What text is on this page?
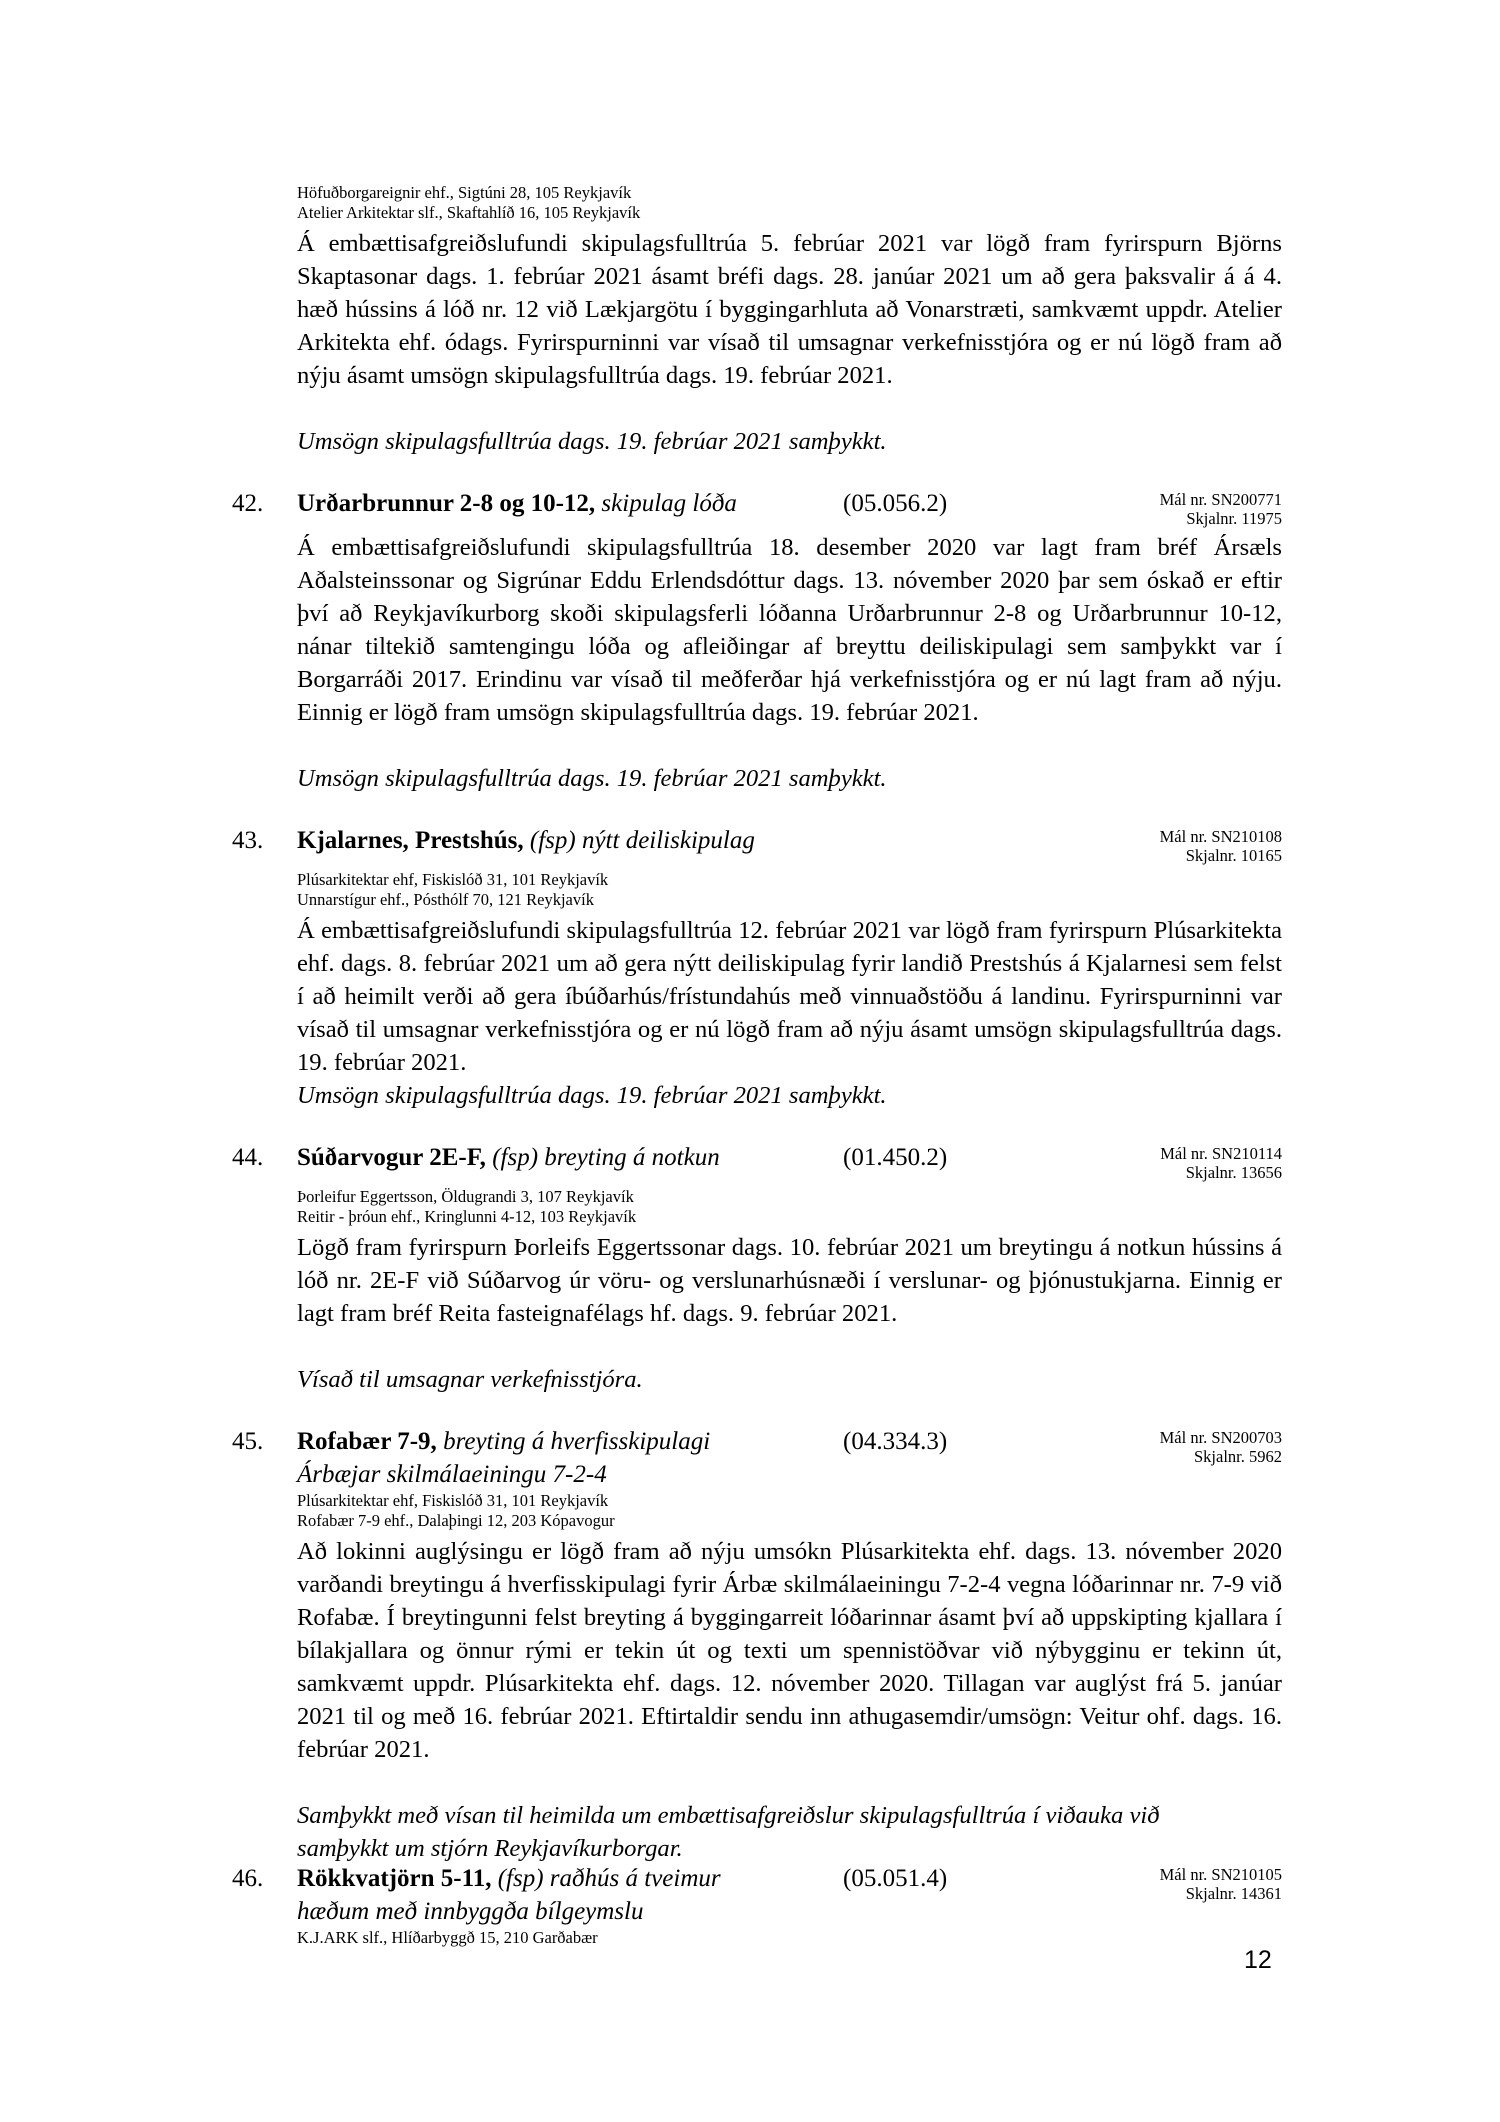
Höfuðborgareignir ehf., Sigtúni 28, 105 Reykjavík
Atelier Arkitektar slf., Skaftahlíð 16, 105 Reykjavík
Á embættisafgreiðslufundi skipulagsfulltrúa 5. febrúar 2021 var lögð fram fyrirspurn Björns Skaptasonar dags. 1. febrúar 2021 ásamt bréfi dags. 28. janúar 2021 um að gera þaksvalir á á 4. hæð hússins á lóð nr. 12 við Lækjargötu í byggingarhluta að Vonarstræti, samkvæmt uppdr. Atelier Arkitekta ehf. ódags. Fyrirspurninni var vísað til umsagnar verkefnisstjóra og er nú lögð fram að nýju ásamt umsögn skipulagsfulltrúa dags. 19. febrúar 2021.
Umsögn skipulagsfulltrúa dags. 19. febrúar 2021 samþykkt.
42. Urðarbrunnur 2-8 og 10-12, skipulag lóða	(05.056.2)	Mál nr. SN200771
Skjalnr. 11975
Á embættisafgreiðslufundi skipulagsfulltrúa 18. desember 2020 var lagt fram bréf Ársæls Aðalsteinssonar og Sigrúnar Eddu Erlendsdóttur dags. 13. nóvember 2020 þar sem óskað er eftir því að Reykjavíkurborg skoði skipulagsferli lóðanna Urðarbrunnur 2-8 og Urðarbrunnur 10-12, nánar tiltekið samtengingu lóða og afleiðingar af breyttu deiliskipulagi sem samþykkt var í Borgarráði 2017. Erindinu var vísað til meðferðar hjá verkefnisstjóra og er nú lagt fram að nýju. Einnig er lögð fram umsögn skipulagsfulltrúa dags. 19. febrúar 2021.
Umsögn skipulagsfulltrúa dags. 19. febrúar 2021 samþykkt.
43. Kjalarnes, Prestshús, (fsp) nýtt deiliskipulag	Mál nr. SN210108
Skjalnr. 10165
Plúsarkitektar ehf, Fiskislóð 31, 101 Reykjavík
Unnarstígur ehf., Pósthólf 70, 121 Reykjavík
Á embættisafgreiðslufundi skipulagsfulltrúa 12. febrúar 2021 var lögð fram fyrirspurn Plúsarkitekta ehf. dags. 8. febrúar 2021 um að gera nýtt deiliskipulag fyrir landið Prestshús á Kjalarnesi sem felst í að heimilt verði að gera íbúðarhús/frístundahús með vinnuaðstöðu á landinu. Fyrirspurninni var vísað til umsagnar verkefnisstjóra og er nú lögð fram að nýju ásamt umsögn skipulagsfulltrúa dags. 19. febrúar 2021.
Umsögn skipulagsfulltrúa dags. 19. febrúar 2021 samþykkt.
44. Súðarvogur 2E-F, (fsp) breyting á notkun	(01.450.2)	Mál nr. SN210114
Skjalnr. 13656
Þorleifur Eggertsson, Öldugrandi 3, 107 Reykjavík
Reitir - þróun ehf., Kringlunni 4-12, 103 Reykjavík
Lögð fram fyrirspurn Þorleifs Eggertssonar dags. 10. febrúar 2021 um breytingu á notkun hússins á lóð nr. 2E-F við Súðarvog úr vöru- og verslunarhúsnæði í verslunar- og þjónustukjarna. Einnig er lagt fram bréf Reita fasteignafélags hf. dags. 9. febrúar 2021.
Vísað til umsagnar verkefnisstjóra.
45. Rofabær 7-9, breyting á hverfisskipulagi
Árbæjar skilmálaeiningu 7-2-4
(04.334.3)	Mál nr. SN200703
Skjalnr. 5962
Plúsarkitektar ehf, Fiskislóð 31, 101 Reykjavík
Rofabær 7-9 ehf., Dalaþingi 12, 203 Kópavogur
Að lokinni auglýsingu er lögð fram að nýju umsókn Plúsarkitekta ehf. dags. 13. nóvember 2020 varðandi breytingu á hverfisskipulagi fyrir Árbæ skilmálaeiningu 7-2-4 vegna lóðarinnar nr. 7-9 við Rofabæ. Í breytingunni felst breyting á byggingarreit lóðarinnar ásamt því að uppskipting kjallara í bílakjallara og önnur rými er tekin út og texti um spennistöðvar við nýbygginu er tekinn út, samkvæmt uppdr. Plúsarkitekta ehf. dags. 12. nóvember 2020. Tillagan var auglýst frá 5. janúar 2021 til og með 16. febrúar 2021. Eftirtaldir sendu inn athugasemdir/umsögn: Veitur ohf. dags. 16. febrúar 2021.
Samþykkt með vísan til heimilda um embættisafgreiðslur skipulagsfulltrúa í viðauka við
samþykkt um stjórn Reykjavíkurborgar.
46. Rökkvatjörn 5-11, (fsp) raðhús á tveimur
hæðum með innbyggða bílgeymslu
(05.051.4)	Mál nr. SN210105
Skjalnr. 14361
K.J.ARK slf., Hlíðarbyggð 15, 210 Garðabær
12
